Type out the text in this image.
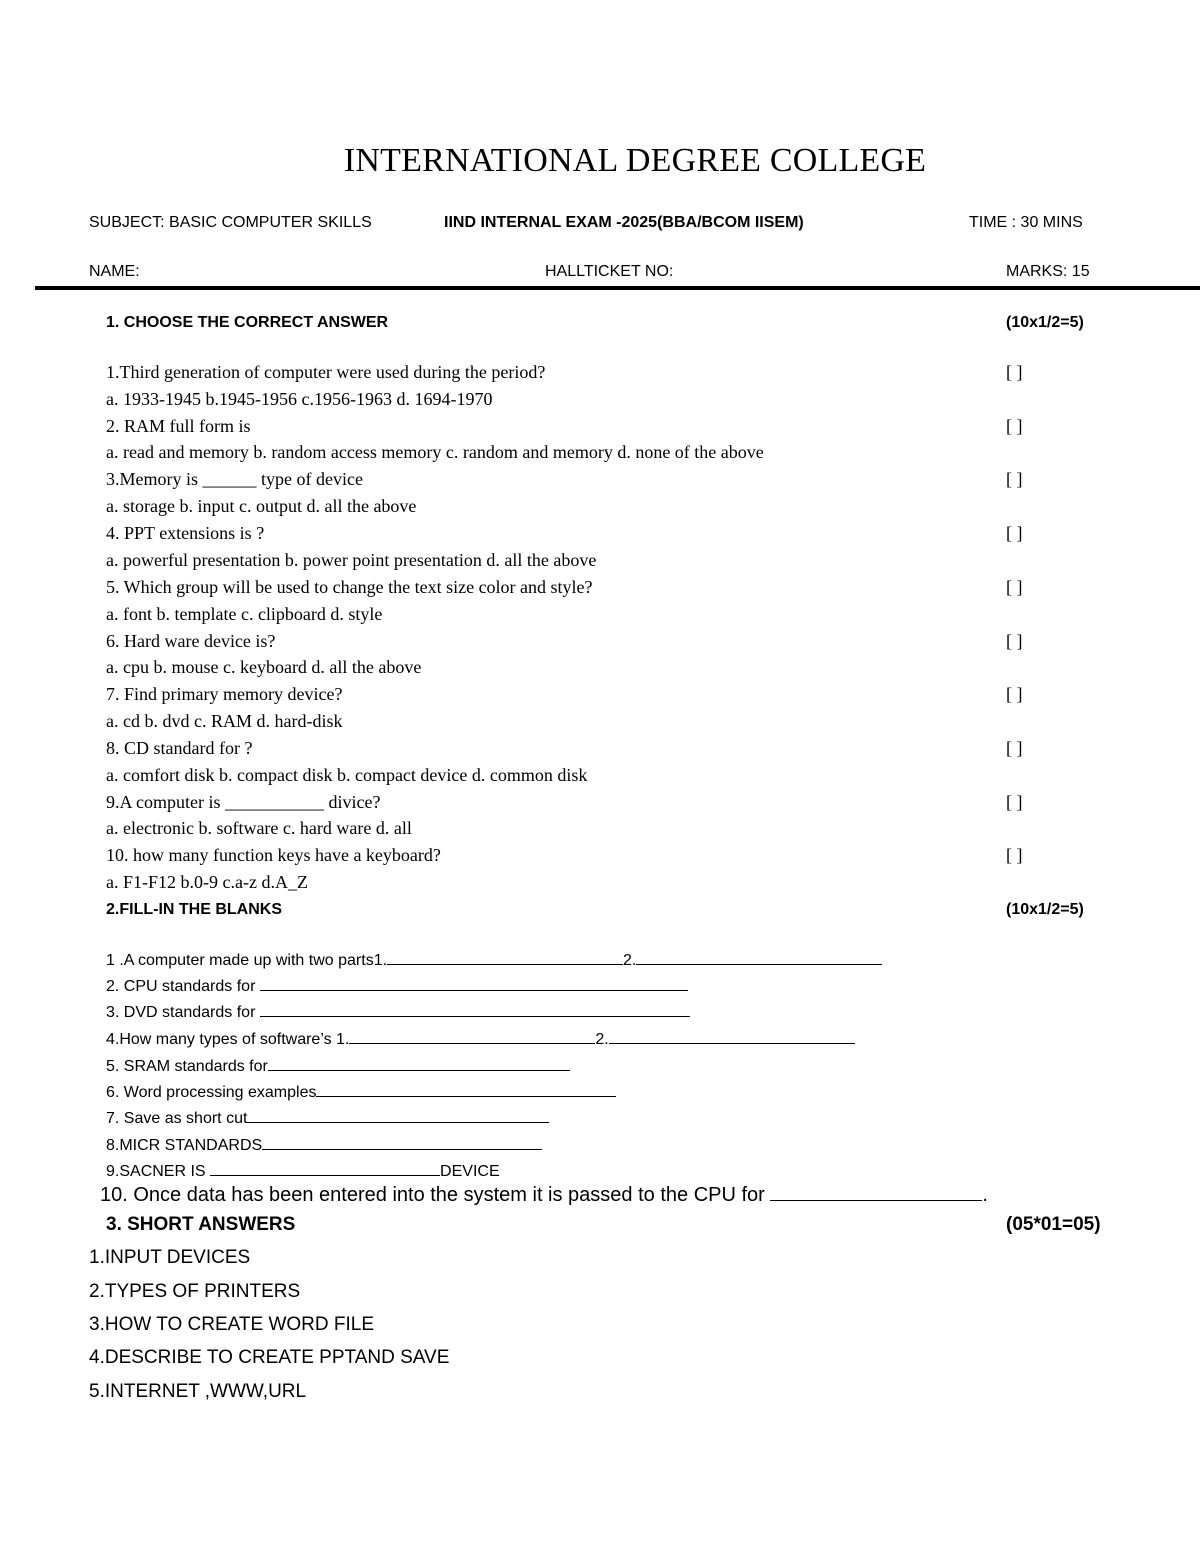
INTERNATIONAL DEGREE COLLEGE
SUBJECT: BASIC COMPUTER SKILLS	IIND INTERNAL EXAM -2025(BBA/BCOM IISEM)	TIME : 30 MINS
NAME:	HALLTICKET NO:	MARKS: 15
1. CHOOSE THE CORRECT ANSWER	(10x1/2=5)
1.Third generation of computer were used during the period?	[ ]
a. 1933-1945 b.1945-1956 c.1956-1963 d. 1694-1970
2. RAM full form is	[ ]
a. read and memory b. random access memory c. random and memory d. none of the above
3.Memory is ______ type of device	[ ]
a. storage b. input c. output d. all the above
4. PPT extensions is ?	[ ]
a. powerful presentation b. power point presentation d. all the above
5. Which group will be used to change the text size color and style?	[ ]
a. font b. template c. clipboard d. style
6. Hard ware device is?	[ ]
a. cpu b. mouse c. keyboard d. all the above
7. Find primary memory device?	[ ]
a. cd b. dvd c. RAM d. hard-disk
8. CD standard for ?	[ ]
a. comfort disk b. compact disk b. compact device d. common disk
9.A computer is ___________ divice?	[ ]
a. electronic b. software c. hard ware d. all
10. how many function keys have a keyboard?	[ ]
a. F1-F12 b.0-9 c.a-z d.A_Z
2.FILL-IN THE BLANKS	(10x1/2=5)
1 .A computer made up with two parts1.	2.
2. CPU standards for
3. DVD standards for
4.How many types of software’s 1.	2.
5. SRAM standards for
6. Word processing examples
7. Save as short cut
8.MICR STANDARDS
9.SACNER IS	DEVICE
10. Once data has been entered into the system it is passed to the CPU for	.
3. SHORT ANSWERS	(05*01=05)
1.INPUT DEVICES
2.TYPES OF PRINTERS
3.HOW TO CREATE WORD FILE
4.DESCRIBE TO CREATE PPTAND SAVE
5.INTERNET ,WWW,URL
